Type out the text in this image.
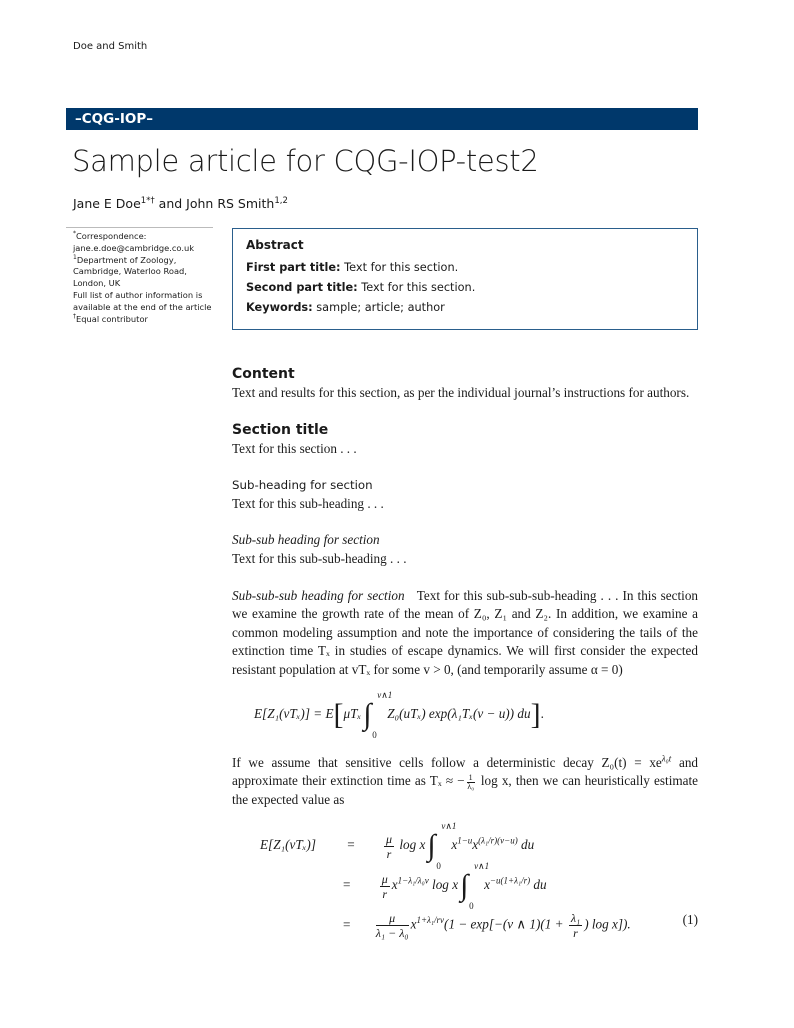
Doe and Smith
–CQG-IOP–
Sample article for CQG-IOP-test2
Jane E Doe$^{1*\dagger}$ and John RS Smith$^{1,2}$
*Correspondence:
jane.e.doe@cambridge.co.uk
$^1$Department of Zoology, Cambridge, Waterloo Road, London, UK
Full list of author information is available at the end of the article
†Equal contributor
Abstract
First part title: Text for this section.
Second part title: Text for this section.
Keywords: sample; article; author
Content

Text and results for this section, as per the individual journal’s instructions for authors.

Section title

Text for this section . . .

Sub-heading for section

Text for this sub-heading . . .

Sub-sub heading for section

Text for this sub-sub-heading . . .

Sub-sub-sub heading for section Text for this sub-sub-sub-heading . . . In this section we examine the growth rate of the mean of Z₀, Z₁ and Z₂. In addition, we examine a common modeling assumption and note the importance of considering the tails of the extinction time Tₓ in studies of escape dynamics. We will first consider the expected resistant population at vTₓ for some v > 0, (and temporarily assume α = 0)

E[Z₁(vTₓ)] = E[μTₓ∫
v∧1
0
Z₀(uTₓ) exp(λ₁Tₓ(v − u)) du].

If we assume that sensitive cells follow a deterministic decay $Z_0(t) = xe^{\lambda_0t}$ and approximate their extinction time as Tₓ ≈ − $\frac{1}{\text{λ₀}}$ log x, then we can heuristically estimate the expected value as

$E[Z_1(vT_x)] = \frac{\mu}{r}$ log x∫
v∧1
0
$x^{1-u}x^{(\lambda_1/r)(v-u)}$ du
= $\frac{\mu}{r} x^{1-\lambda_1/\lambda_0v}$ log x∫
v∧1
0
$x^{-u(1+\lambda_1/r)}$ du
= $\frac{\mu}{\text{λ₁ − λ₀}} x^{1+\lambda_1/rv}(1 - \exp[-(v$ ∧ $1)(1 + \frac{\text{λ₁}}{r}$ ) log x]).	(1)
